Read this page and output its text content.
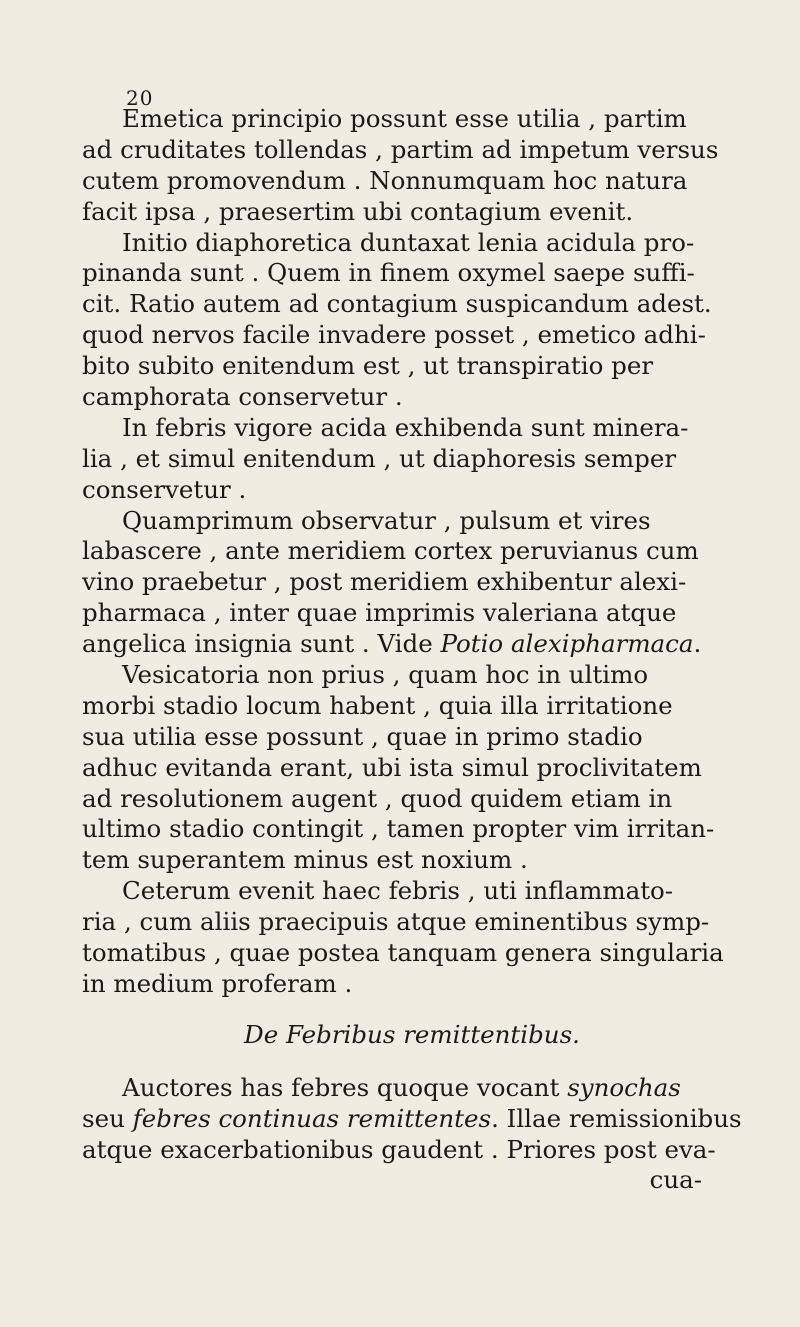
20
Emetica principio possunt esse utilia , partim
ad cruditates tollendas , partim ad impetum versus
cutem promovendum . Nonnumquam hoc natura
facit ipsa , praesertim ubi contagium evenit.
Initio diaphoretica duntaxat lenia acidula pro-
pinanda sunt . Quem in finem oxymel saepe suffi-
cit. Ratio autem ad contagium suspicandum adest.
quod nervos facile invadere posset , emetico adhi-
bito subito enitendum est , ut transpiratio per
camphorata conservetur .
In febris vigore acida exhibenda sunt minera-
lia , et simul enitendum , ut diaphoresis semper
conservetur .
Quamprimum observatur , pulsum et vires
labascere , ante meridiem cortex peruvianus cum
vino praebetur , post meridiem exhibentur alexi-
pharmaca , inter quae imprimis valeriana atque
angelica insignia sunt . Vide Potio alexipharmaca.
Vesicatoria non prius , quam hoc in ultimo
morbi stadio locum habent , quia illa irritatione
sua utilia esse possunt , quae in primo stadio
adhuc evitanda erant, ubi ista simul proclivitatem
ad resolutionem augent , quod quidem etiam in
ultimo stadio contingit , tamen propter vim irritan-
tem superantem minus est noxium .
Ceterum evenit haec febris , uti inflammato-
ria , cum aliis praecipuis atque eminentibus symp-
tomatibus , quae postea tanquam genera singularia
in medium proferam .
De Febribus remittentibus.
Auctores has febres quoque vocant synochas
seu febres continuas remittentes. Illae remissionibus
atque exacerbationibus gaudent . Priores post eva-
cua-
